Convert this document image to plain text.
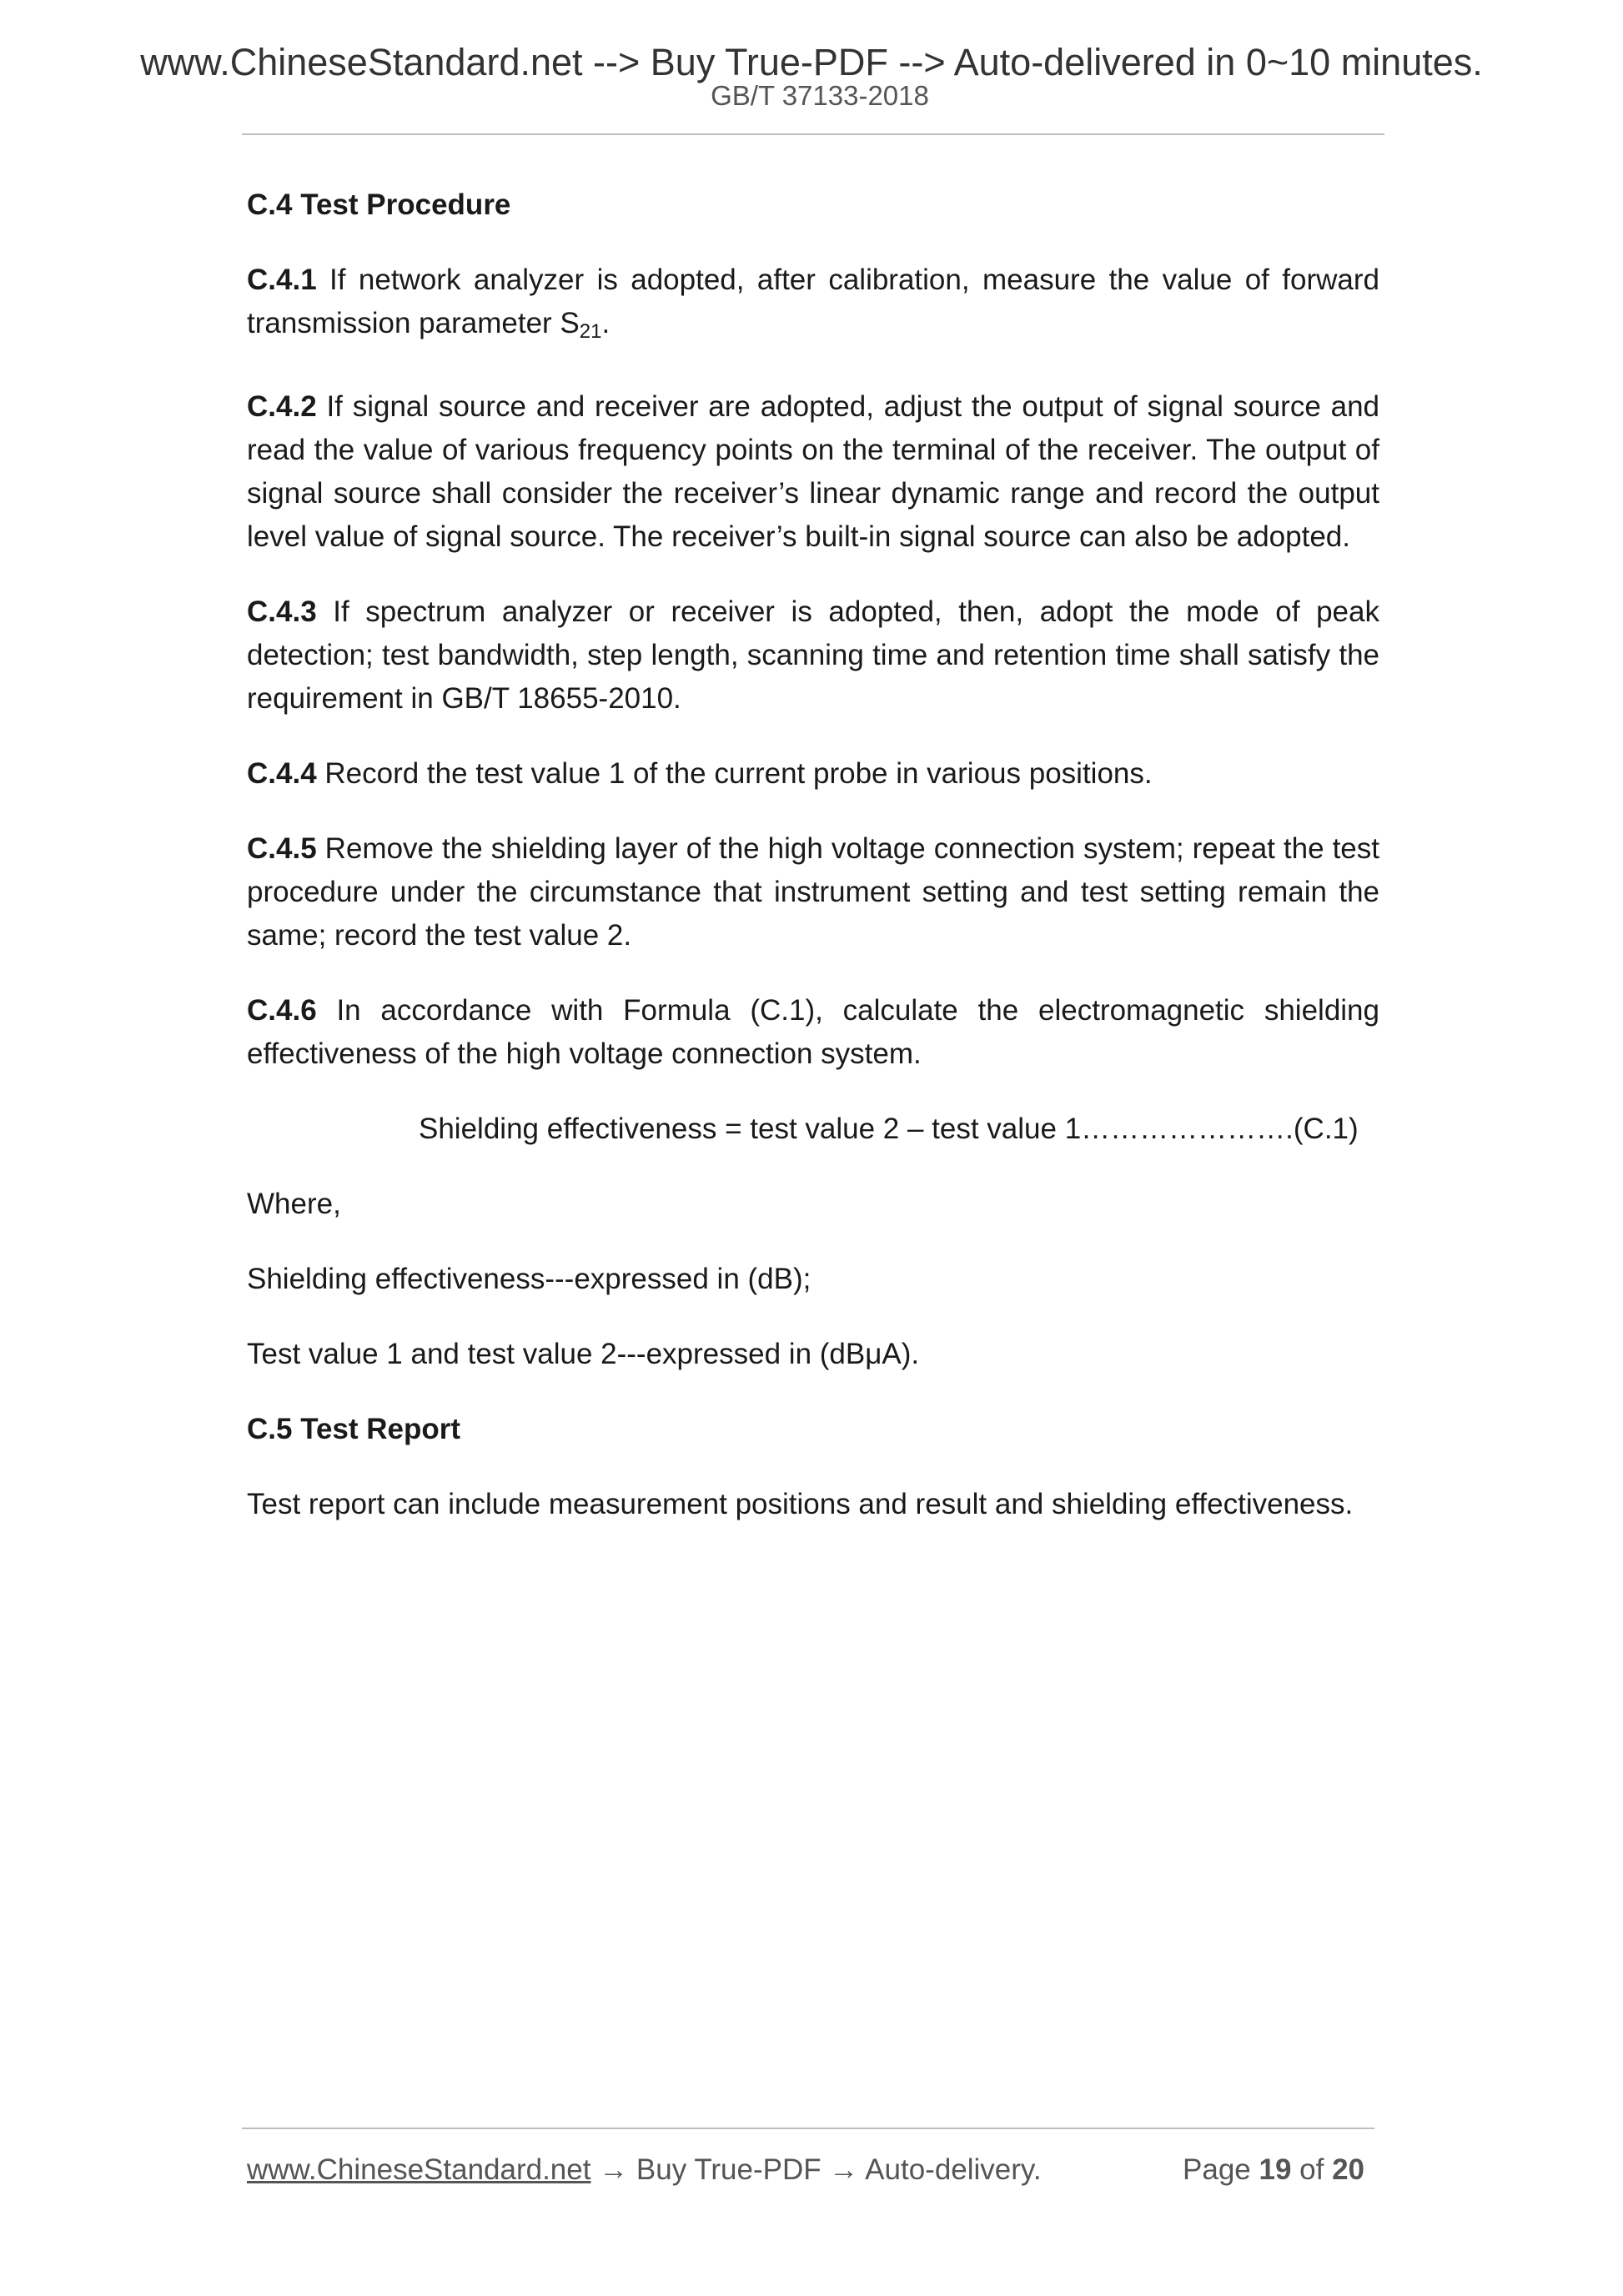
www.ChineseStandard.net --> Buy True-PDF --> Auto-delivered in 0~10 minutes.
GB/T 37133-2018
C.4 Test Procedure
C.4.1 If network analyzer is adopted, after calibration, measure the value of forward transmission parameter $S_{21}$.
C.4.2 If signal source and receiver are adopted, adjust the output of signal source and read the value of various frequency points on the terminal of the receiver. The output of signal source shall consider the receiver’s linear dynamic range and record the output level value of signal source. The receiver’s built-in signal source can also be adopted.
C.4.3 If spectrum analyzer or receiver is adopted, then, adopt the mode of peak detection; test bandwidth, step length, scanning time and retention time shall satisfy the requirement in GB/T 18655-2010.
C.4.4 Record the test value 1 of the current probe in various positions.
C.4.5 Remove the shielding layer of the high voltage connection system; repeat the test procedure under the circumstance that instrument setting and test setting remain the same; record the test value 2.
C.4.6 In accordance with Formula (C.1), calculate the electromagnetic shielding effectiveness of the high voltage connection system.
Shielding effectiveness = test value 2 – test value 1 …………………. (C.1)
Where,
Shielding effectiveness---expressed in (dB);
Test value 1 and test value 2---expressed in (dBμA).
C.5 Test Report
Test report can include measurement positions and result and shielding effectiveness.
www.ChineseStandard.net → Buy True-PDF → Auto-delivery.	Page 19 of 20
